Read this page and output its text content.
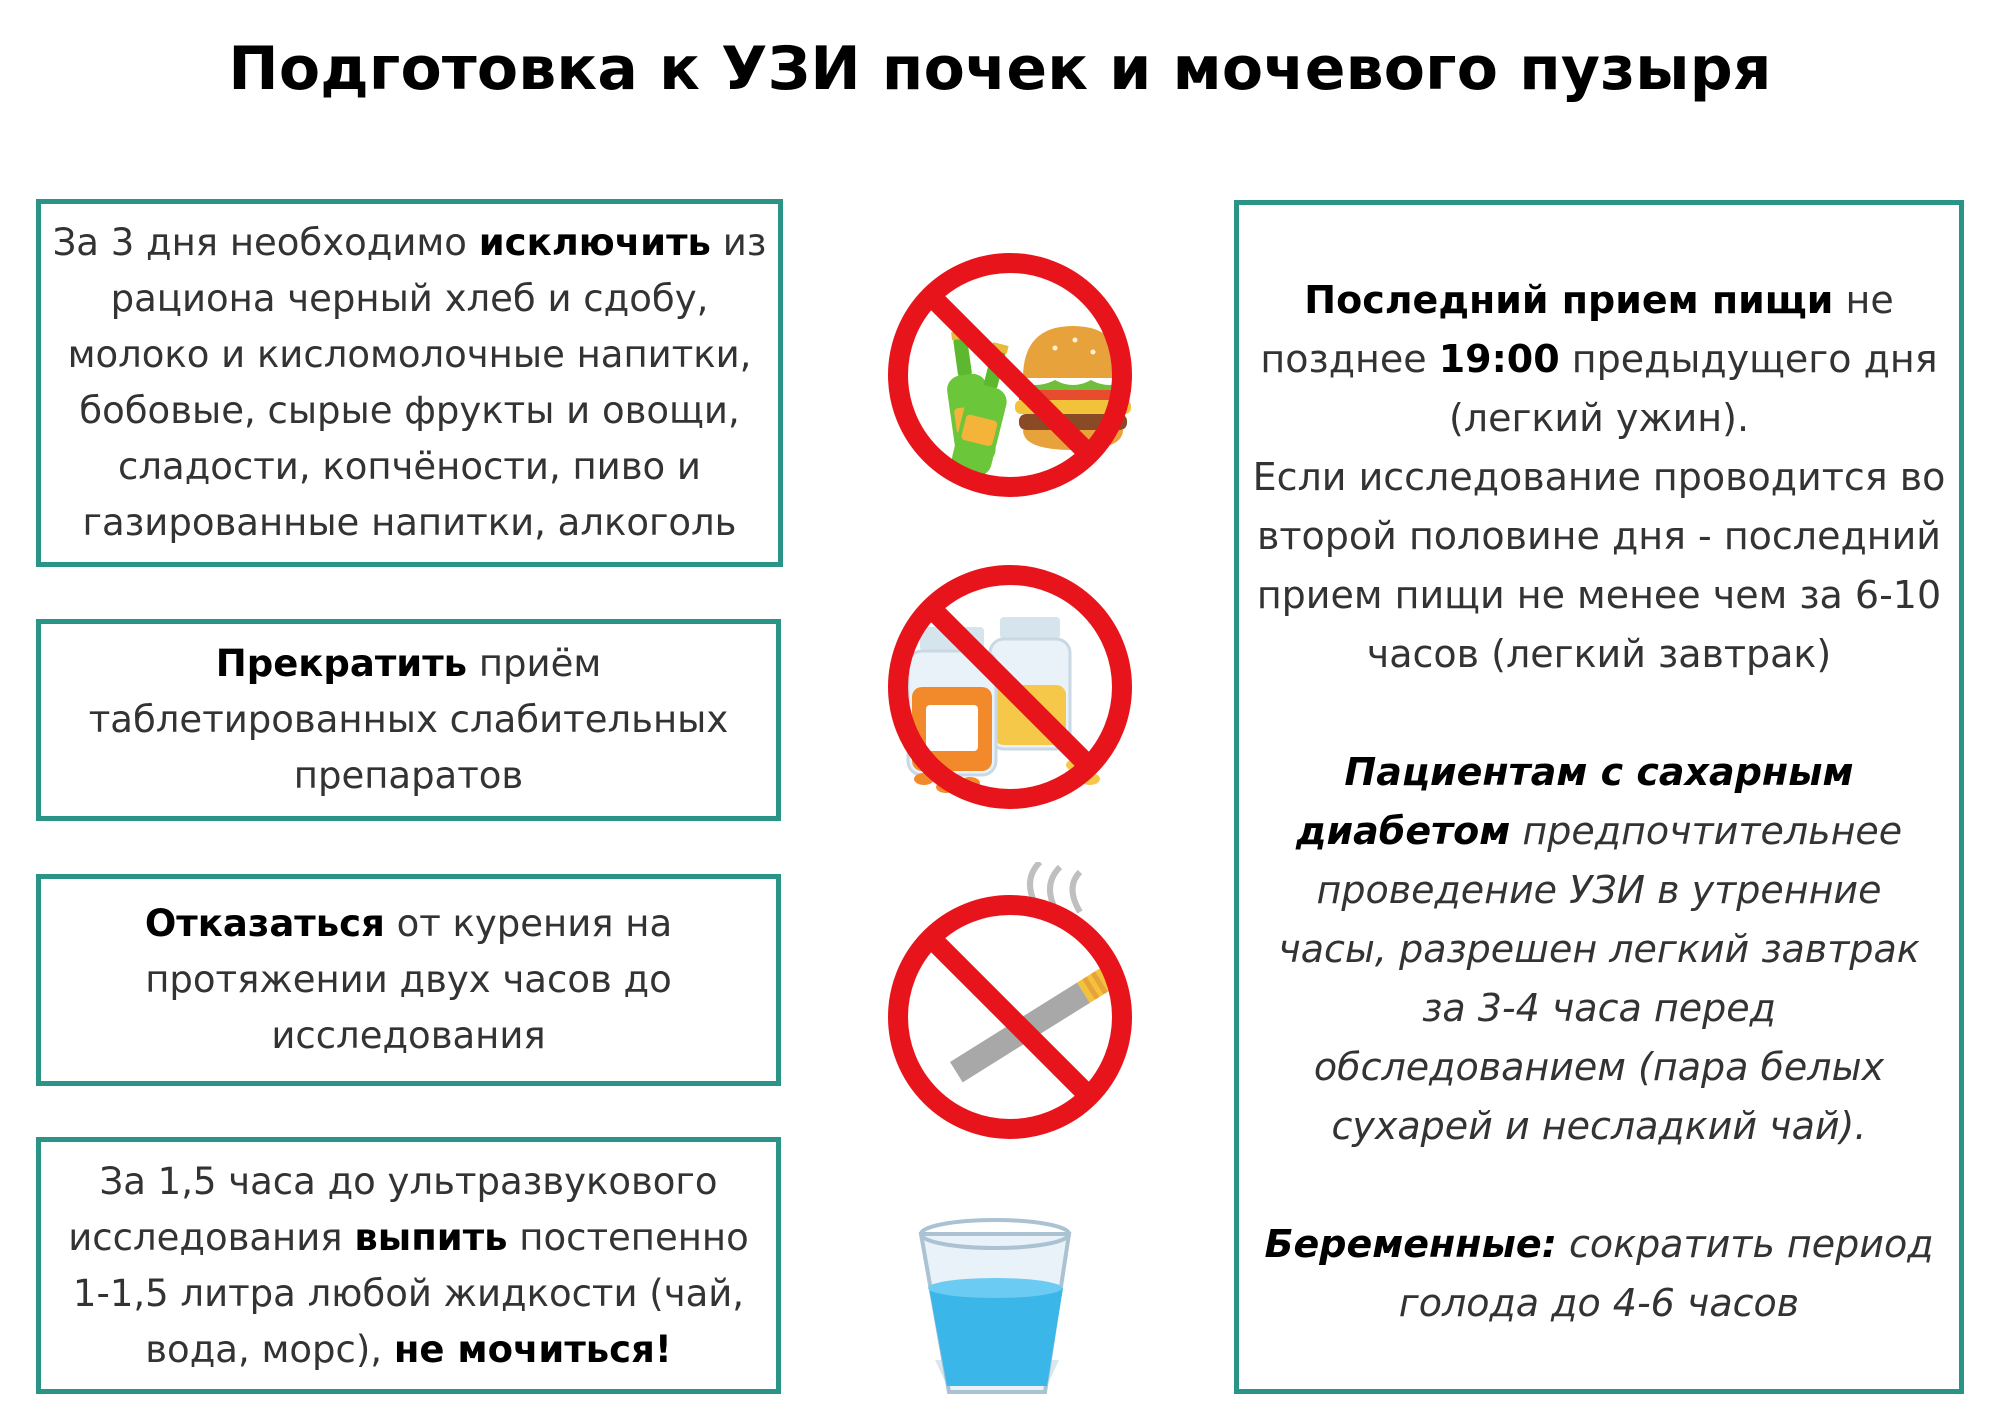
Подготовка к УЗИ почек и мочевого пузыря

За 3 дня необходимо исключить из рациона черный хлеб и сдобу, молоко и кисломолочные напитки, бобовые, сырые фрукты и овощи, сладости, копчёности, пиво и газированные напитки, алкоголь

Прекратить приём таблетированных слабительных препаратов

Отказаться от курения на протяжении двух часов до исследования

За 1,5 часа до ультразвукового исследования выпить постепенно 1-1,5 литра любой жидкости (чай, вода, морс), не мочиться!

Последний прием пищи не позднее 19:00 предыдущего дня (легкий ужин).

Если исследование проводится во второй половине дня - последний прием пищи не менее чем за 6-10 часов (легкий завтрак)

Пациентам с сахарным диабетом предпочтительнее проведение УЗИ в утренние часы, разрешен легкий завтрак за 3-4 часа перед обследованием (пара белых сухарей и несладкий чай).

Беременные: сократить период голода до 4-6 часов
